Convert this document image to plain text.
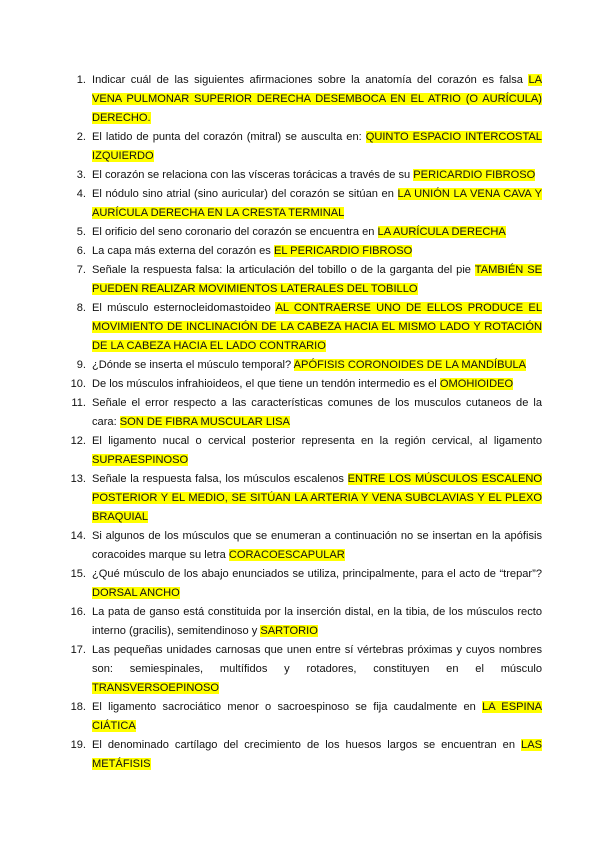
1. Indicar cuál de las siguientes afirmaciones sobre la anatomía del corazón es falsa LA VENA PULMONAR SUPERIOR DERECHA DESEMBOCA EN EL ATRIO (O AURÍCULA) DERECHO.
2. El latido de punta del corazón (mitral) se ausculta en: QUINTO ESPACIO INTERCOSTAL IZQUIERDO
3. El corazón se relaciona con las vísceras torácicas a través de su PERICARDIO FIBROSO
4. El nódulo sino atrial (sino auricular) del corazón se sitúan en LA UNIÓN LA VENA CAVA Y AURÍCULA DERECHA EN LA CRESTA TERMINAL
5. El orificio del seno coronario del corazón se encuentra en LA AURÍCULA DERECHA
6. La capa más externa del corazón es EL PERICARDIO FIBROSO
7. Señale la respuesta falsa: la articulación del tobillo o de la garganta del pie TAMBIÉN SE PUEDEN REALIZAR MOVIMIENTOS LATERALES DEL TOBILLO
8. El músculo esternocleidomastoideo AL CONTRAERSE UNO DE ELLOS PRODUCE EL MOVIMIENTO DE INCLINACIÓN DE LA CABEZA HACIA EL MISMO LADO Y ROTACIÓN DE LA CABEZA HACIA EL LADO CONTRARIO
9. ¿Dónde se inserta el músculo temporal? APÓFISIS CORONOIDES DE LA MANDÍBULA
10. De los músculos infrahioideos, el que tiene un tendón intermedio es el OMOHIOIDEO
11. Señale el error respecto a las características comunes de los musculos cutaneos de la cara: SON DE FIBRA MUSCULAR LISA
12. El ligamento nucal o cervical posterior representa en la región cervical, al ligamento SUPRAESPINOSO
13. Señale la respuesta falsa, los músculos escalenos ENTRE LOS MÚSCULOS ESCALENO POSTERIOR Y EL MEDIO, SE SITÚAN LA ARTERIA Y VENA SUBCLAVIAS Y EL PLEXO BRAQUIAL
14. Si algunos de los músculos que se enumeran a continuación no se insertan en la apófisis coracoides marque su letra CORACOESCAPULAR
15. ¿Qué músculo de los abajo enunciados se utiliza, principalmente, para el acto de “trepar”? DORSAL ANCHO
16. La pata de ganso está constituida por la inserción distal, en la tibia, de los músculos recto interno (gracilis), semitendinoso y SARTORIO
17. Las pequeñas unidades carnosas que unen entre sí vértebras próximas y cuyos nombres son: semiespinales, multífidos y rotadores, constituyen en el músculo TRANSVERSOEPINOSO
18. El ligamento sacrociático menor o sacroespinoso se fija caudalmente en LA ESPINA CIÁTICA
19. El denominado cartílago del crecimiento de los huesos largos se encuentran en LAS METÁFISIS
